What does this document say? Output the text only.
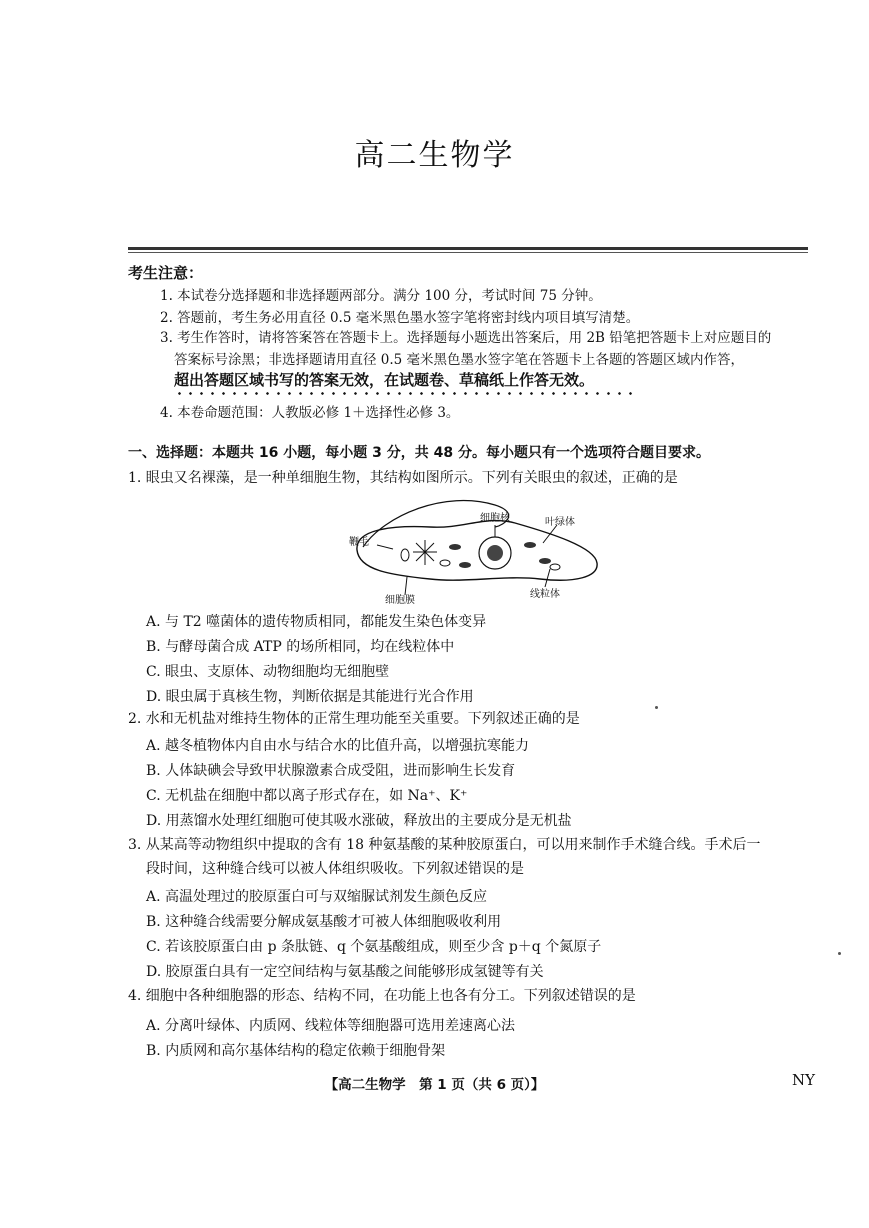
高二生物学
考生注意：
1. 本试卷分选择题和非选择题两部分。满分 100 分，考试时间 75 分钟。
2. 答题前，考生务必用直径 0.5 毫米黑色墨水签字笔将密封线内项目填写清楚。
3. 考生作答时，请将答案答在答题卡上。选择题每小题选出答案后，用 2B 铅笔把答题卡上对应题目的
答案标号涂黑；非选择题请用直径 0.5 毫米黑色墨水签字笔在答题卡上各题的答题区域内作答，
超出答题区域书写的答案无效，在试题卷、草稿纸上作答无效。
4. 本卷命题范围：人教版必修 1＋选择性必修 3。
一、选择题：本题共 16 小题，每小题 3 分，共 48 分。每小题只有一个选项符合题目要求。
1. 眼虫又名裸藻，是一种单细胞生物，其结构如图所示。下列有关眼虫的叙述，正确的是
细胞核	叶绿体
鞭毛
线粒体
细胞膜
A. 与 T2 噬菌体的遗传物质相同，都能发生染色体变异
B. 与酵母菌合成 ATP 的场所相同，均在线粒体中
C. 眼虫、支原体、动物细胞均无细胞壁
D. 眼虫属于真核生物，判断依据是其能进行光合作用
2. 水和无机盐对维持生物体的正常生理功能至关重要。下列叙述正确的是
A. 越冬植物体内自由水与结合水的比值升高，以增强抗寒能力
B. 人体缺碘会导致甲状腺激素合成受阻，进而影响生长发育
C. 无机盐在细胞中都以离子形式存在，如 Na⁺、K⁺
D. 用蒸馏水处理红细胞可使其吸水涨破，释放出的主要成分是无机盐
3. 从某高等动物组织中提取的含有 18 种氨基酸的某种胶原蛋白，可以用来制作手术缝合线。手术后一
段时间，这种缝合线可以被人体组织吸收。下列叙述错误的是
A. 高温处理过的胶原蛋白可与双缩脲试剂发生颜色反应
B. 这种缝合线需要分解成氨基酸才可被人体细胞吸收利用
C. 若该胶原蛋白由 p 条肽链、q 个氨基酸组成，则至少含 p＋q 个氮原子
D. 胶原蛋白具有一定空间结构与氨基酸之间能够形成氢键等有关
4. 细胞中各种细胞器的形态、结构不同，在功能上也各有分工。下列叙述错误的是
A. 分离叶绿体、内质网、线粒体等细胞器可选用差速离心法
B. 内质网和高尔基体结构的稳定依赖于细胞骨架
【高二生物学　第 1 页（共 6 页）】	NY
